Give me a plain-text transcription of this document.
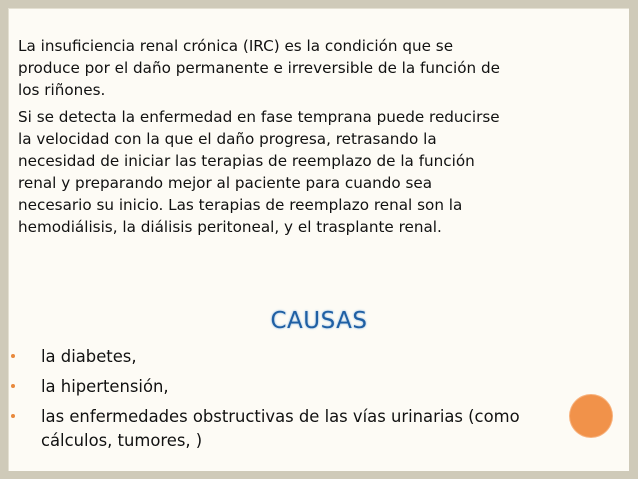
La insuficiencia renal crónica (IRC) es la condición que se
produce por el daño permanente e irreversible de la función de
los riñones.

Si se detecta la enfermedad en fase temprana puede reducirse
la velocidad con la que el daño progresa, retrasando la
necesidad de iniciar las terapias de reemplazo de la función
renal y preparando mejor al paciente para cuando sea
necesario su inicio. Las terapias de reemplazo renal son la
hemodiálisis, la diálisis peritoneal, y el trasplante renal.

CAUSAS
la diabetes,
la hipertensión,
las enfermedades obstructivas de las vías urinarias (como
cálculos, tumores, )
